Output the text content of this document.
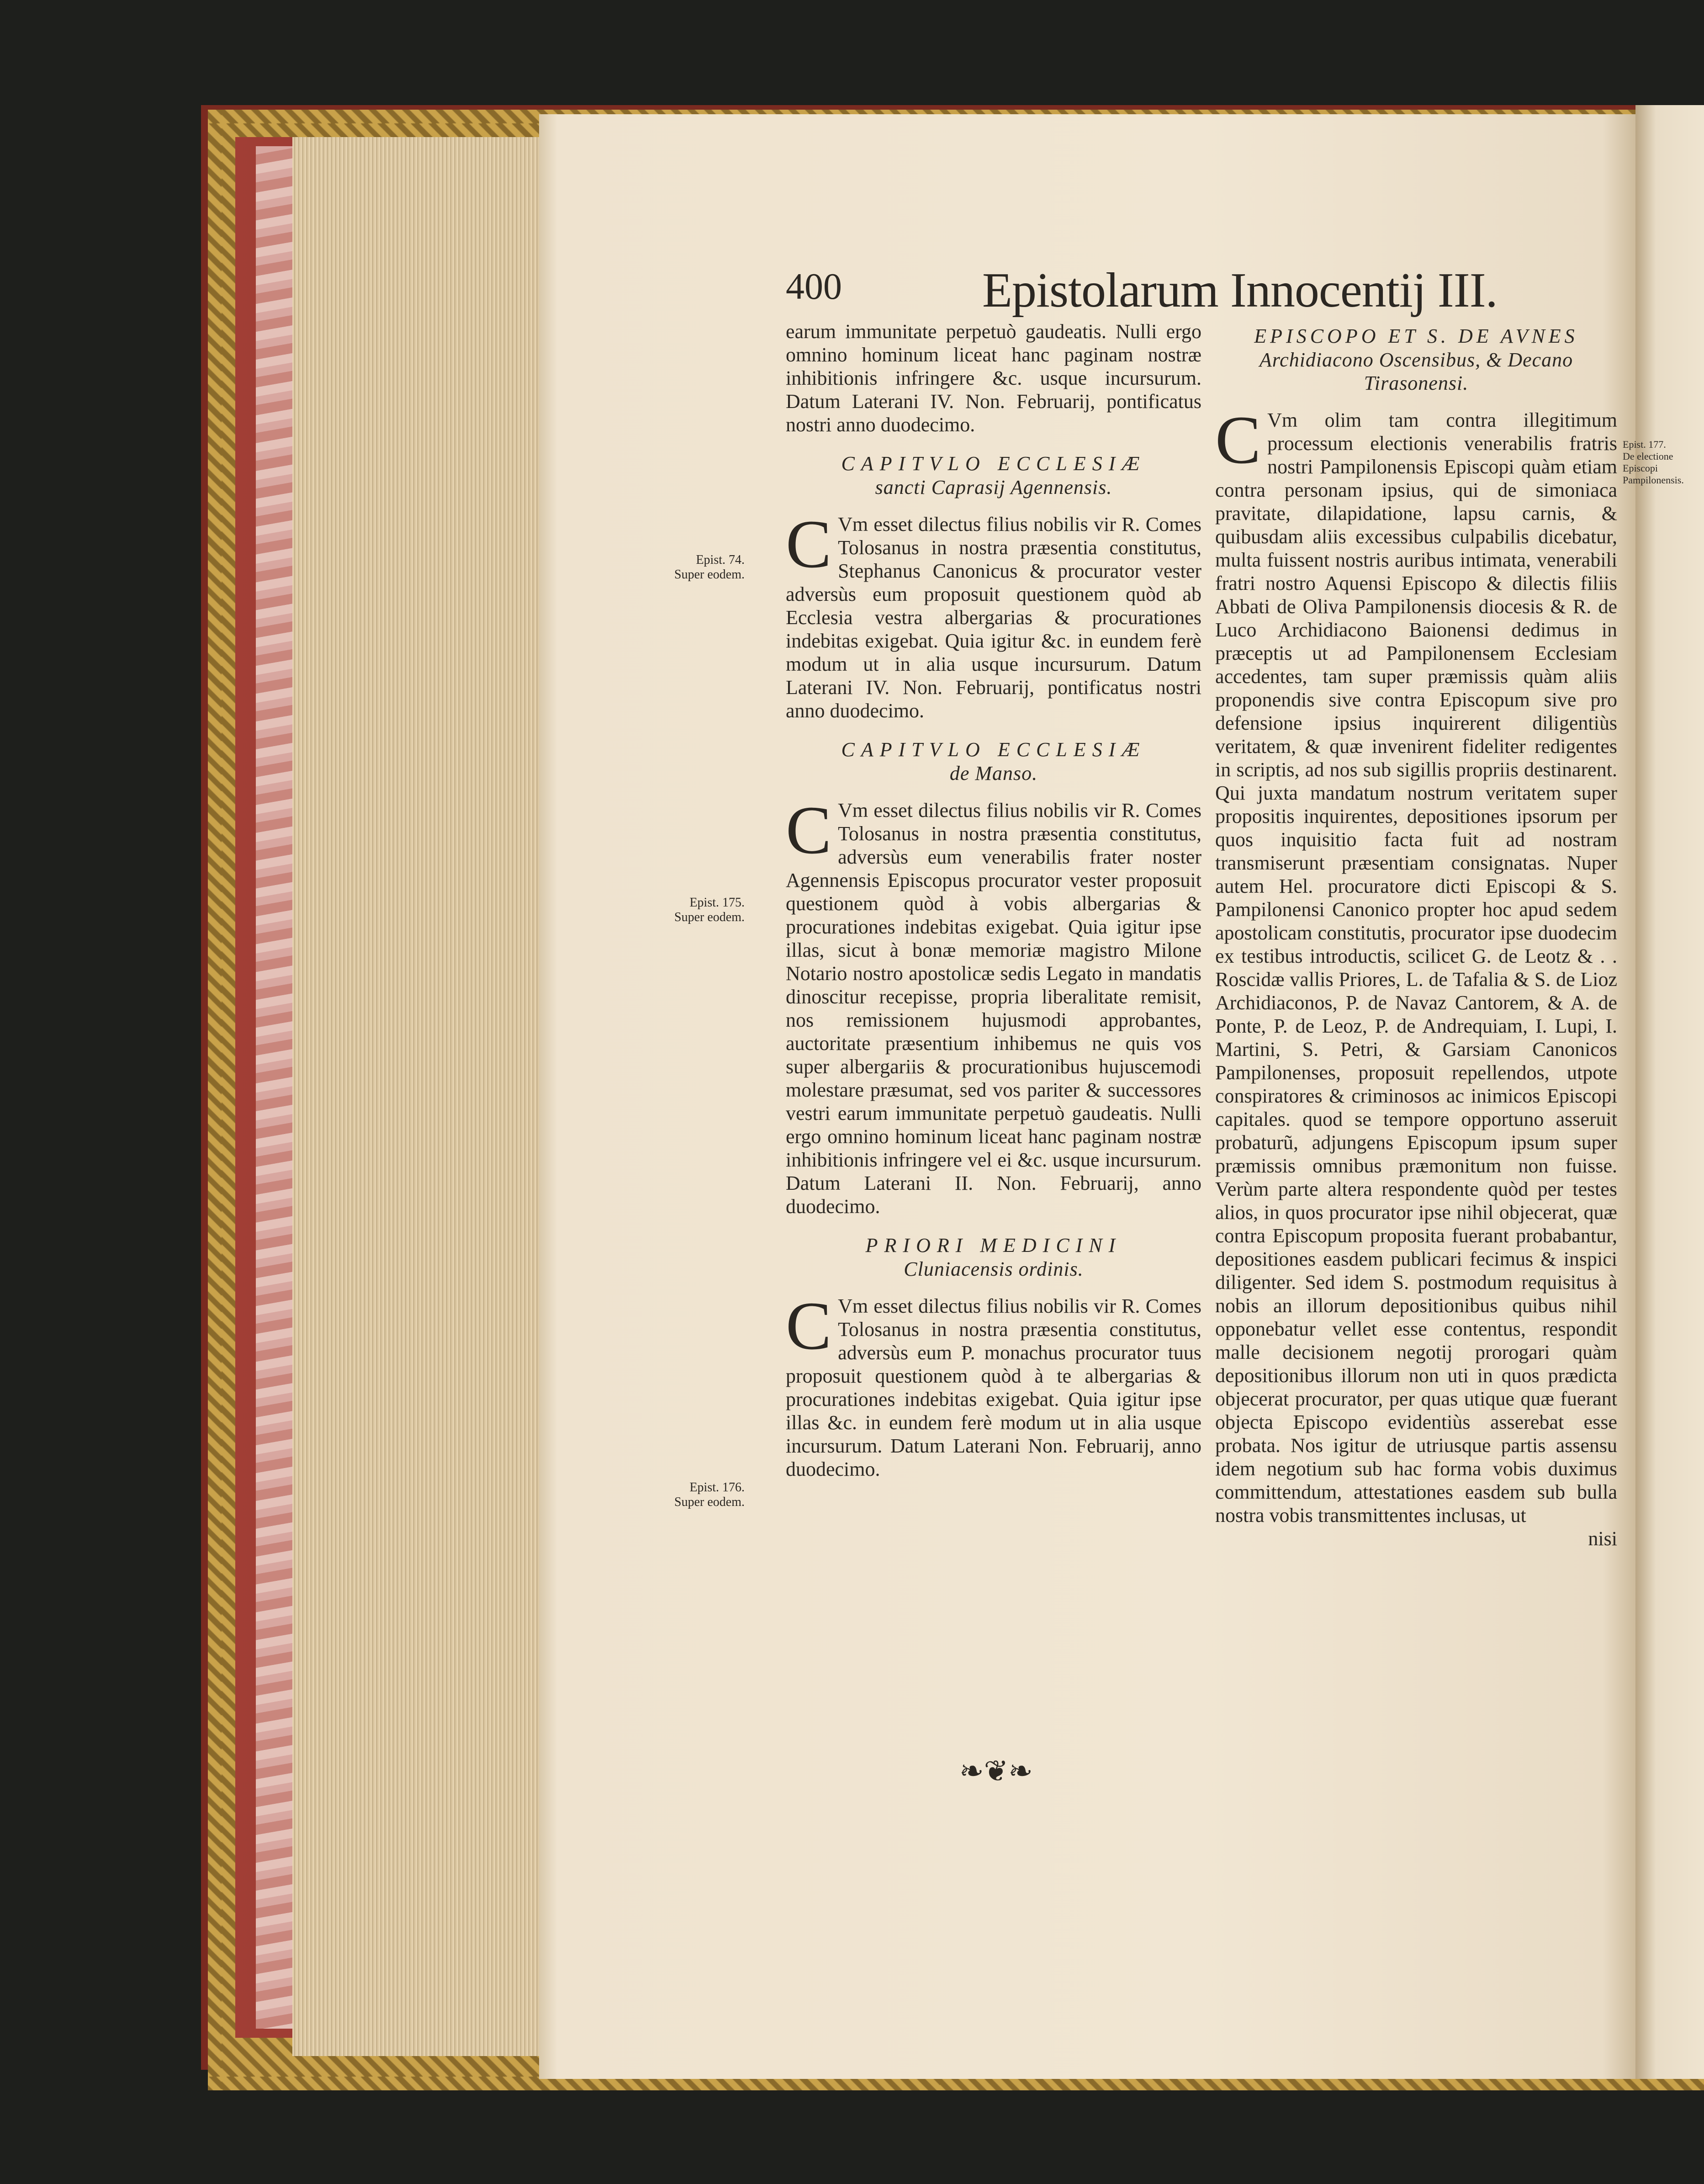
400	Epistolarum Innocentij III.

earum immunitate perpetuò gaudeatis. Nulli ergo omnino hominum liceat hanc paginam nostræ inhibitionis infringere &c. usque incursurum. Datum Laterani IV. Non. Februarij, pontificatus nostri anno duodecimo.

CAPITVLO ECCLESIÆ

sancti Caprasij Agennensis.

C Vm esset dilectus filius nobilis vir R. Comes Tolosanus in nostra præsentia constitutus, Stephanus Canonicus & procurator vester adversùs eum proposuit questionem quòd ab Ecclesia vestra albergarias & procurationes indebitas exigebat. Quia igitur &c. in eundem ferè modum ut in alia usque incursurum. Datum Laterani IV. Non. Februarij, pontificatus nostri anno duodecimo.

CAPITVLO ECCLESIÆ

de Manso.

C Vm esset dilectus filius nobilis vir R. Comes Tolosanus in nostra præsentia constitutus, adversùs eum venerabilis frater noster Agennensis Episcopus procurator vester proposuit questionem quòd à vobis albergarias & procurationes indebitas exigebat. Quia igitur ipse illas, sicut à bonæ memoriæ magistro Milone Notario nostro apostolicæ sedis Legato in mandatis dinoscitur recepisse, propria liberalitate remisit, nos remissionem hujusmodi approbantes, auctoritate præsentium inhibemus ne quis vos super albergariis & procurationibus hujuscemodi molestare præsumat, sed vos pariter & successores vestri earum immunitate perpetuò gaudeatis. Nulli ergo omnino hominum liceat hanc paginam nostræ inhibitionis infringere vel ei &c. usque incursurum. Datum Laterani II. Non. Februarij, anno duodecimo.

PRIORI MEDICINI

Cluniacensis ordinis.

C Vm esset dilectus filius nobilis vir R. Comes Tolosanus in nostra præsentia constitutus, adversùs eum P. monachus procurator tuus proposuit questionem quòd à te albergarias & procurationes indebitas exigebat. Quia igitur ipse illas &c. in eundem ferè modum ut in alia usque incursurum. Datum Laterani Non. Februarij, anno duodecimo.

EPISCOPO ET S. DE AVNES

Archidiacono Oscensibus, & Decano Tirasonensi.

C Vm olim tam contra illegitimum processum electionis venerabilis fratris nostri Pampilonensis Episcopi quàm etiam contra personam ipsius, qui de simoniaca pravitate, dilapidatione, lapsu carnis, & quibusdam aliis excessibus culpabilis dicebatur, multa fuissent nostris auribus intimata, venerabili fratri nostro Aquensi Episcopo & dilectis filiis Abbati de Oliva Pampilonensis diocesis & R. de Luco Archidiacono Baionensi dedimus in præceptis ut ad Pampilonensem Ecclesiam accedentes, tam super præmissis quàm aliis proponendis sive contra Episcopum sive pro defensione ipsius inquirerent diligentiùs veritatem, & quæ invenirent fideliter redigentes in scriptis, ad nos sub sigillis propriis destinarent. Qui juxta mandatum nostrum veritatem super propositis inquirentes, depositiones ipsorum per quos inquisitio facta fuit ad nostram transmiserunt præsentiam consignatas. Nuper autem Hel. procuratore dicti Episcopi & S. Pampilonensi Canonico propter hoc apud sedem apostolicam constitutis, procurator ipse duodecim ex testibus introductis, scilicet G. de Leotz & . . Roscidæ vallis Priores, L. de Tafalia & S. de Lioz Archidiaconos, P. de Navaz Cantorem, & A. de Ponte, P. de Leoz, P. de Andrequiam, I. Lupi, I. Martini, S. Petri, & Garsiam Canonicos Pampilonenses, proposuit repellendos, utpote conspiratores & criminosos ac inimicos Episcopi capitales. quod se tempore opportuno asseruit probaturũ, adjungens Episcopum ipsum super præmissis omnibus præmonitum non fuisse. Verùm parte altera respondente quòd per testes alios, in quos procurator ipse nihil objecerat, quæ contra Episcopum proposita fuerant probabantur, depositiones easdem publicari fecimus & inspici diligenter. Sed idem S. postmodum requisitus à nobis an illorum depositionibus quibus nihil opponebatur vellet esse contentus, respondit malle decisionem negotij prorogari quàm depositionibus illorum non uti in quos prædicta objecerat procurator, per quas utique quæ fuerant objecta Episcopo evidentiùs asserebat esse probata. Nos igitur de utriusque partis assensu idem negotium sub hac forma vobis duximus committendum, attestationes easdem sub bulla nostra vobis transmittentes inclusas, ut

nisi

❧❦❧
Epist. 74. Super eodem.
Epist. 175. Super eodem.
Epist. 176. Super eodem.
Epist. 177. De electione Episcopi Pampilonensis.
